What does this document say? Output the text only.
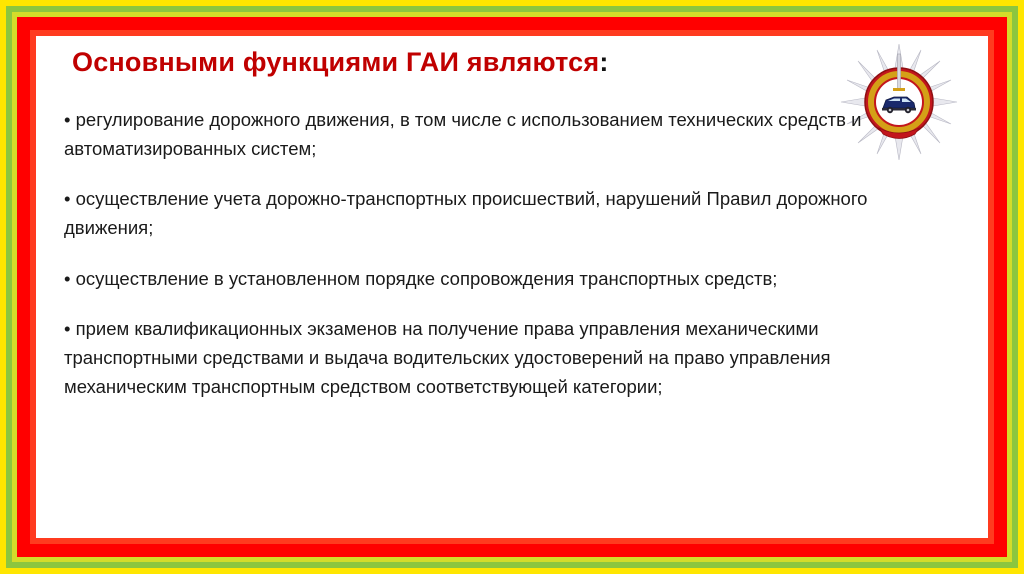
Основными функциями ГАИ являются:
• регулирование дорожного движения, в том числе с использованием технических средств и автоматизированных систем;
• осуществление учета дорожно-транспортных происшествий, нарушений Правил дорожного движения;
• осуществление в установленном порядке сопровождения транспортных средств;
• прием квалификационных экзаменов на получение права управления механическими транспортными средствами и выдача водительских удостоверений на право управления механическим транспортным средством соответствующей категории;
